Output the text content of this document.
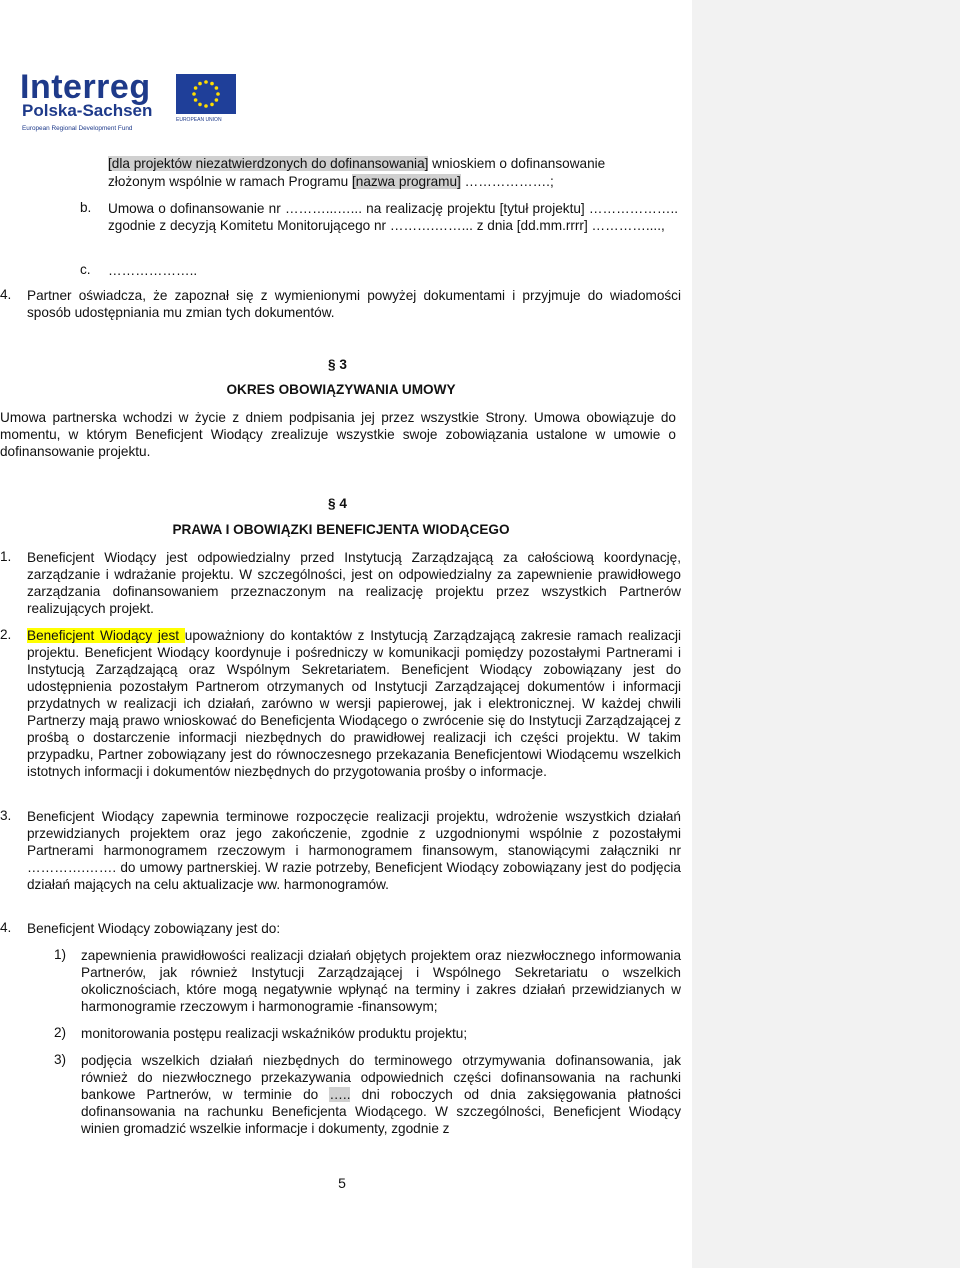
Interreg
Polska-Sachsen
European Regional Development Fund
EUROPEAN UNION
[dla projektów niezatwierdzonych do dofinansowania] wnioskiem o dofinansowanie
złożonym wspólnie w ramach Programu [nazwa programu] ……………….;
b. Umowa o dofinansowanie nr ………...…... na realizację projektu [tytuł projektu] ……………….. zgodnie z decyzją Komitetu Monitorującego nr ……….……... z dnia [dd.mm.rrrr] …………....,
c. ………………..
4. Partner oświadcza, że zapoznał się z wymienionymi powyżej dokumentami i przyjmuje do wiadomości sposób udostępniania mu zmian tych dokumentów.
§ 3
OKRES OBOWIĄZYWANIA UMOWY
Umowa partnerska wchodzi w życie z dniem podpisania jej przez wszystkie Strony. Umowa obowiązuje do momentu, w którym Beneficjent Wiodący zrealizuje wszystkie swoje zobowiązania ustalone w umowie o dofinansowanie projektu.
§ 4
PRAWA I OBOWIĄZKI BENEFICJENTA WIODĄCEGO
1. Beneficjent Wiodący jest odpowiedzialny przed Instytucją Zarządzającą za całościową koordynację, zarządzanie i wdrażanie projektu. W szczególności, jest on odpowiedzialny za zapewnienie prawidłowego zarządzania dofinansowaniem przeznaczonym na realizację projektu przez wszystkich Partnerów realizujących projekt.
2. Beneficjent Wiodący jest upoważniony do kontaktów z Instytucją Zarządzającą zakresie ramach realizacji projektu. Beneficjent Wiodący koordynuje i pośredniczy w komunikacji pomiędzy pozostałymi Partnerami i Instytucją Zarządzającą oraz Wspólnym Sekretariatem. Beneficjent Wiodący zobowiązany jest do udostępnienia pozostałym Partnerom otrzymanych od Instytucji Zarządzającej dokumentów i informacji przydatnych w realizacji ich działań, zarówno w wersji papierowej, jak i elektronicznej. W każdej chwili Partnerzy mają prawo wnioskować do Beneficjenta Wiodącego o zwrócenie się do Instytucji Zarządzającej z prośbą o dostarczenie informacji niezbędnych do prawidłowej realizacji ich części projektu. W takim przypadku, Partner zobowiązany jest do równoczesnego przekazania Beneficjentowi Wiodącemu wszelkich istotnych informacji i dokumentów niezbędnych do przygotowania prośby o informacje.
3. Beneficjent Wiodący zapewnia terminowe rozpoczęcie realizacji projektu, wdrożenie wszystkich działań przewidzianych projektem oraz jego zakończenie, zgodnie z uzgodnionymi wspólnie z pozostałymi Partnerami harmonogramem rzeczowym i harmonogramem finansowym, stanowiącymi załączniki nr ………….……. do umowy partnerskiej. W razie potrzeby, Beneficjent Wiodący zobowiązany jest do podjęcia działań mających na celu aktualizacje ww. harmonogramów.
4. Beneficjent Wiodący zobowiązany jest do:
1) zapewnienia prawidłowości realizacji działań objętych projektem oraz niezwłocznego informowania Partnerów, jak również Instytucji Zarządzającej i Wspólnego Sekretariatu o wszelkich okolicznościach, które mogą negatywnie wpłynąć na terminy i zakres działań przewidzianych w harmonogramie rzeczowym i harmonogramie -finansowym;
2) monitorowania postępu realizacji wskaźników produktu projektu;
3) podjęcia wszelkich działań niezbędnych do terminowego otrzymywania dofinansowania, jak również do niezwłocznego przekazywania odpowiednich części dofinansowania na rachunki bankowe Partnerów, w terminie do ….. dni roboczych od dnia zaksięgowania płatności dofinansowania na rachunku Beneficjenta Wiodącego. W szczególności, Beneficjent Wiodący winien gromadzić wszelkie informacje i dokumenty, zgodnie z
5
